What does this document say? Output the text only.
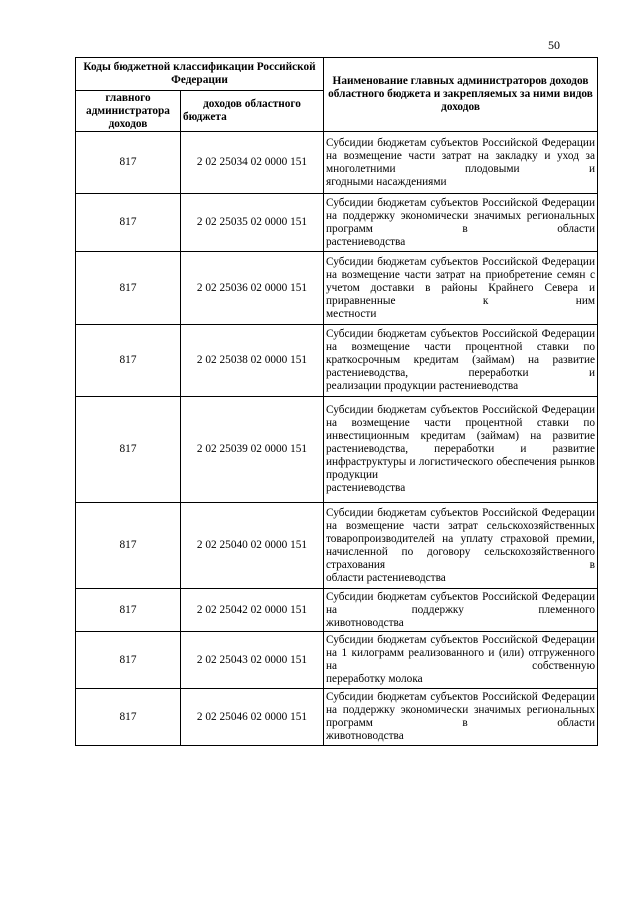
50
Коды бюджетной классификации Российской Федерации		Наименование главных администраторов доходов областного бюджета и закрепляемых за ними видов доходов
главного администратора доходов	доходов областного бюджета	
817	2 02 25034 02 0000 151	Субсидии бюджетам субъектов Российской Федерации на возмещение части затрат на закладку и уход за многолетними плодовыми и
ягодными насаждениями

817	2 02 25035 02 0000 151	Субсидии бюджетам субъектов Российской Федерации на поддержку экономически значимых региональных программ в области
растениеводства

817	2 02 25036 02 0000 151	Субсидии бюджетам субъектов Российской Федерации на возмещение части затрат на приобретение семян с учетом доставки в районы Крайнего Севера и приравненные к ним
местности

817	2 02 25038 02 0000 151	Субсидии бюджетам субъектов Российской Федерации на возмещение части процентной ставки по краткосрочным кредитам (займам) на развитие растениеводства, переработки и
реализации продукции растениеводства

817	2 02 25039 02 0000 151	Субсидии бюджетам субъектов Российской Федерации на возмещение части процентной ставки по инвестиционным кредитам (займам) на развитие растениеводства, переработки и развитие инфраструктуры и логистического обеспечения рынков продукции
растениеводства

817	2 02 25040 02 0000 151	Субсидии бюджетам субъектов Российской Федерации на возмещение части затрат сельскохозяйственных товаропроизводителей на уплату страховой премии, начисленной по договору сельскохозяйственного страхования в
области растениеводства

817	2 02 25042 02 0000 151	Субсидии бюджетам субъектов Российской Федерации на поддержку племенного
животноводства

817	2 02 25043 02 0000 151	Субсидии бюджетам субъектов Российской Федерации на 1 килограмм реализованного и (или) отгруженного на собственную
переработку молока

817	2 02 25046 02 0000 151	Субсидии бюджетам субъектов Российской Федерации на поддержку экономически значимых региональных программ в области
животноводства
